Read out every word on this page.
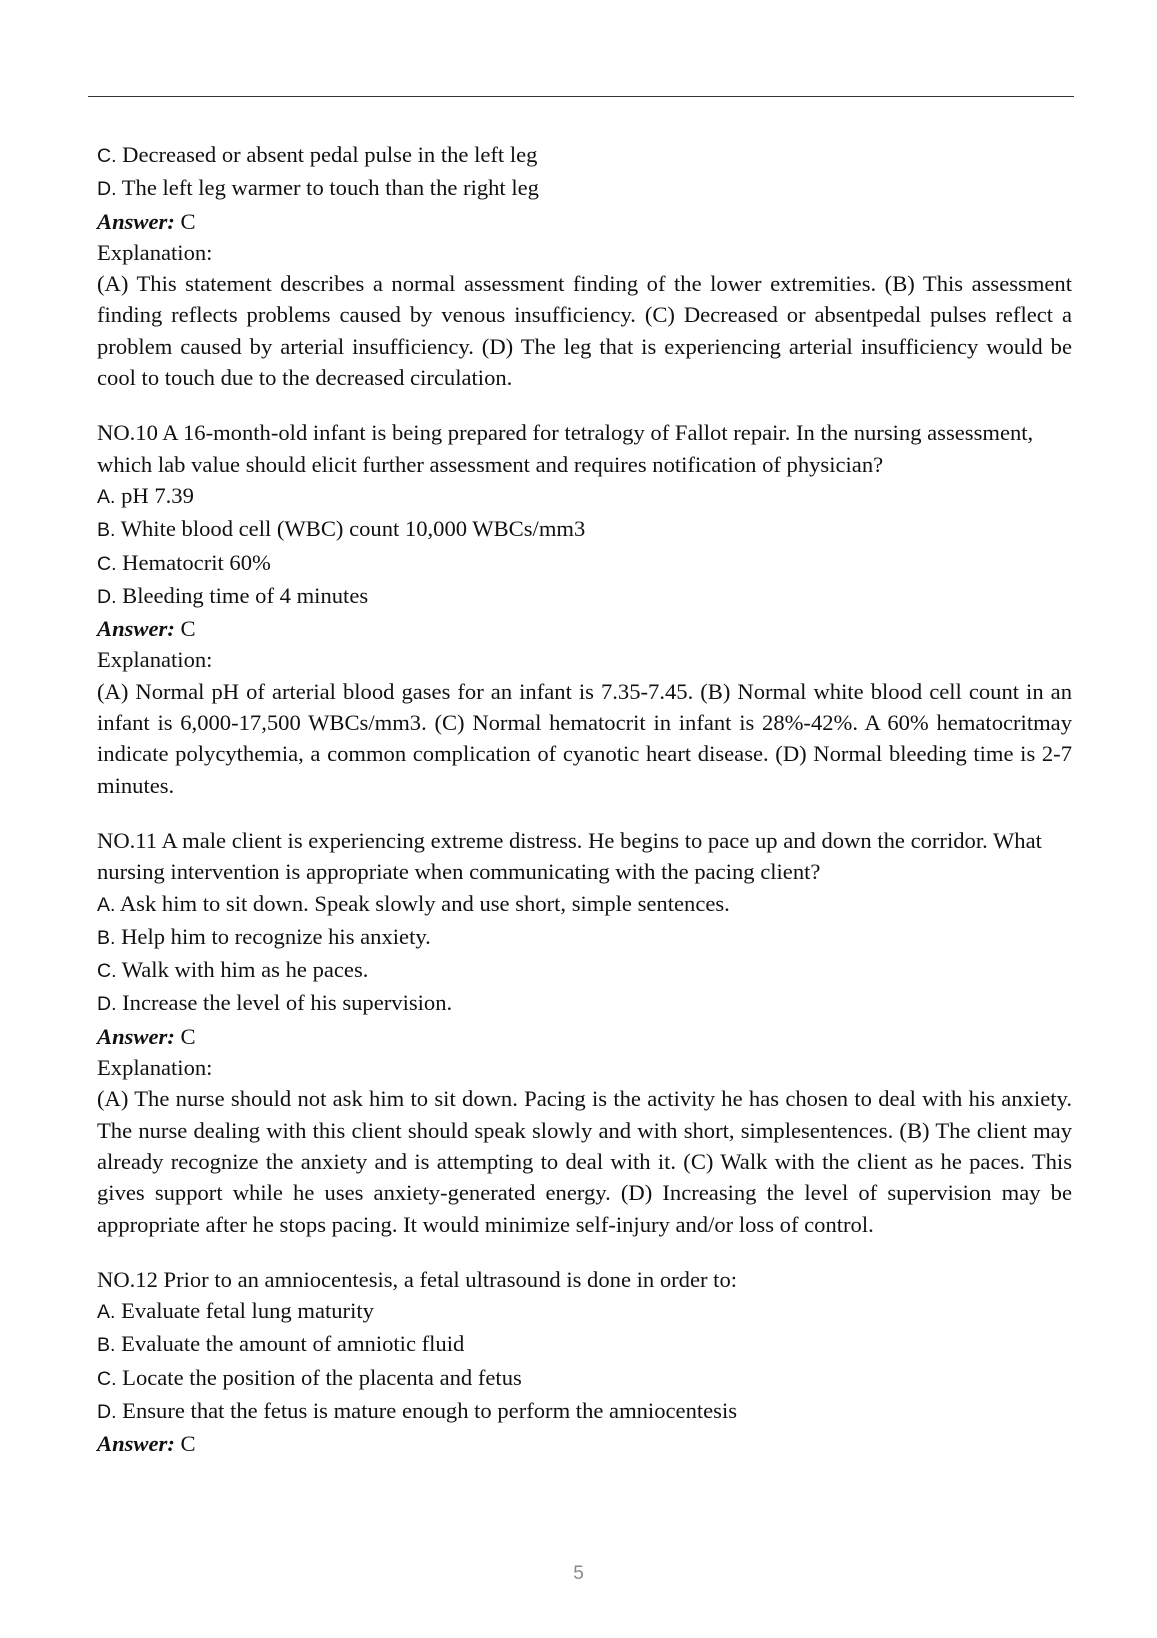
C. Decreased or absent pedal pulse in the left leg

D. The left leg warmer to touch than the right leg

Answer: C

Explanation:

(A) This statement describes a normal assessment finding of the lower extremities. (B) This assessment finding reflects problems caused by venous insufficiency. (C) Decreased or absentpedal pulses reflect a problem caused by arterial insufficiency. (D) The leg that is experiencing arterial insufficiency would be cool to touch due to the decreased circulation.

NO.10 A 16-month-old infant is being prepared for tetralogy of Fallot repair. In the nursing assessment, which lab value should elicit further assessment and requires notification of physician?

A. pH 7.39

B. White blood cell (WBC) count 10,000 WBCs/mm3

C. Hematocrit 60%

D. Bleeding time of 4 minutes

Answer: C

Explanation:

(A) Normal pH of arterial blood gases for an infant is 7.35-7.45. (B) Normal white blood cell count in an infant is 6,000-17,500 WBCs/mm3. (C) Normal hematocrit in infant is 28%-42%. A 60% hematocritmay indicate polycythemia, a common complication of cyanotic heart disease. (D) Normal bleeding time is 2-7 minutes.

NO.11 A male client is experiencing extreme distress. He begins to pace up and down the corridor. What nursing intervention is appropriate when communicating with the pacing client?

A. Ask him to sit down. Speak slowly and use short, simple sentences.

B. Help him to recognize his anxiety.

C. Walk with him as he paces.

D. Increase the level of his supervision.

Answer: C

Explanation:

(A) The nurse should not ask him to sit down. Pacing is the activity he has chosen to deal with his anxiety. The nurse dealing with this client should speak slowly and with short, simplesentences. (B) The client may already recognize the anxiety and is attempting to deal with it. (C) Walk with the client as he paces. This gives support while he uses anxiety-generated energy. (D) Increasing the level of supervision may be appropriate after he stops pacing. It would minimize self-injury and/or loss of control.

NO.12 Prior to an amniocentesis, a fetal ultrasound is done in order to:

A. Evaluate fetal lung maturity

B. Evaluate the amount of amniotic fluid

C. Locate the position of the placenta and fetus

D. Ensure that the fetus is mature enough to perform the amniocentesis

Answer: C

5
